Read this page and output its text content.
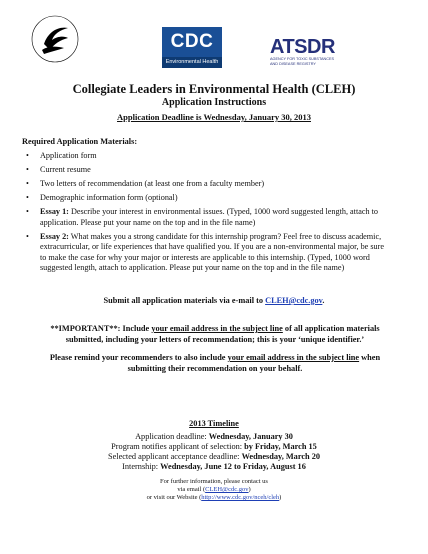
CDC
Environmental Health
ATSDR
AGENCY FOR TOXIC SUBSTANCES
AND DISEASE REGISTRY
Collegiate Leaders in Environmental Health (CLEH)
Application Instructions
Application Deadline is Wednesday, January 30, 2013
Required Application Materials:
• Application form
• Current resume
• Two letters of recommendation (at least one from a faculty member)
• Demographic information form (optional)
• Essay 1: Describe your interest in environmental issues. (Typed, 1000 word suggested length, attach to application. Please put your name on the top and in the file name)
• Essay 2: What makes you a strong candidate for this internship program? Feel free to discuss academic, extracurricular, or life experiences that have qualified you. If you are a non-environmental major, be sure to make the case for why your major or interests are applicable to this internship. (Typed, 1000 word suggested length, attach to application. Please put your name on the top and in the file name)
Submit all application materials via e-mail to CLEH@cdc.gov.
**IMPORTANT**: Include your email address in the subject line of all application materials submitted, including your letters of recommendation; this is your ‘unique identifier.’
Please remind your recommenders to also include your email address in the subject line when submitting their recommendation on your behalf.
2013 Timeline
Application deadline: Wednesday, January 30
Program notifies applicant of selection: by Friday, March 15
Selected applicant acceptance deadline: Wednesday, March 20
Internship: Wednesday, June 12 to Friday, August 16
For further information, please contact us
via email (CLEH@cdc.gov)
or visit our Website (http://www.cdc.gov/nceh/cleh)
